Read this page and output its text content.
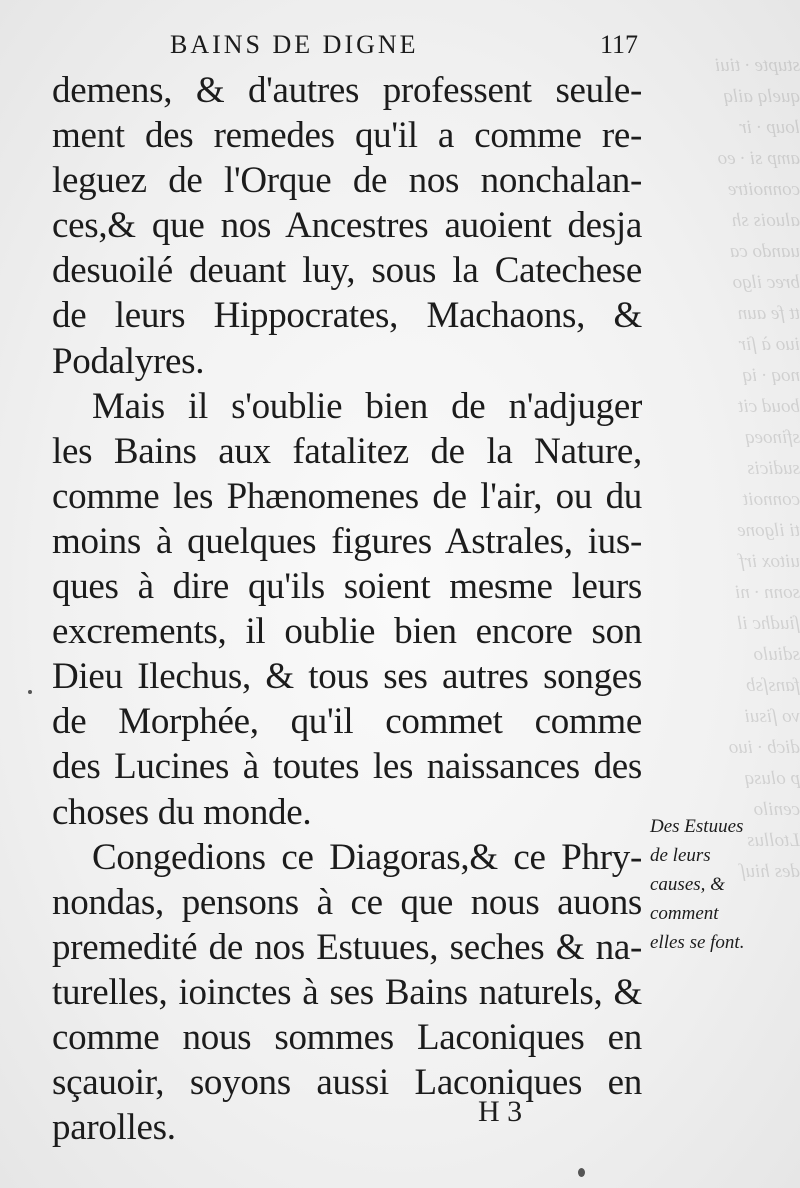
stupte · tiui
quelq ailq
loup · ir
amp si · eo
connoitre
aluois sh
uando ca
brec ilgo
tt fe aun
iuo à ſir
noq · iq
boud cit
sfinoeq
sudicis
connoit
ti ilgone
uitox irf
sonn · ni
ſiudhc il
sdiulo
fansſsb
vo ſisui
dicb · iuo
p olusq
cenilo
Ltollus
des hiuſ
BAINS DE DIGNE	117
demens, & d'autres professent seule-
ment des remedes qu'il a comme re-
leguez de l'Orque de nos nonchalan-
ces,& que nos Ancestres auoient desja
desuoilé deuant luy, sous la Catechese
de leurs Hippocrates, Machaons, &
Podalyres.
Mais il s'oublie bien de n'adjuger
les Bains aux fatalitez de la Nature,
comme les Phænomenes de l'air, ou du
moins à quelques figures Astrales, ius-
ques à dire qu'ils soient mesme leurs
excrements, il oublie bien encore son
Dieu Ilechus, & tous ses autres songes
de Morphée, qu'il commet comme
des Lucines à toutes les naissances des
choses du monde.
Congedions ce Diagoras,& ce Phry-
nondas, pensons à ce que nous auons
premedité de nos Estuues, seches & na-
turelles, ioinctes à ses Bains naturels, &
comme nous sommes Laconiques en
sçauoir, soyons aussi Laconiques en
parolles.
Des Estuues
de leurs
causes, &
comment
elles se font.
H 3
